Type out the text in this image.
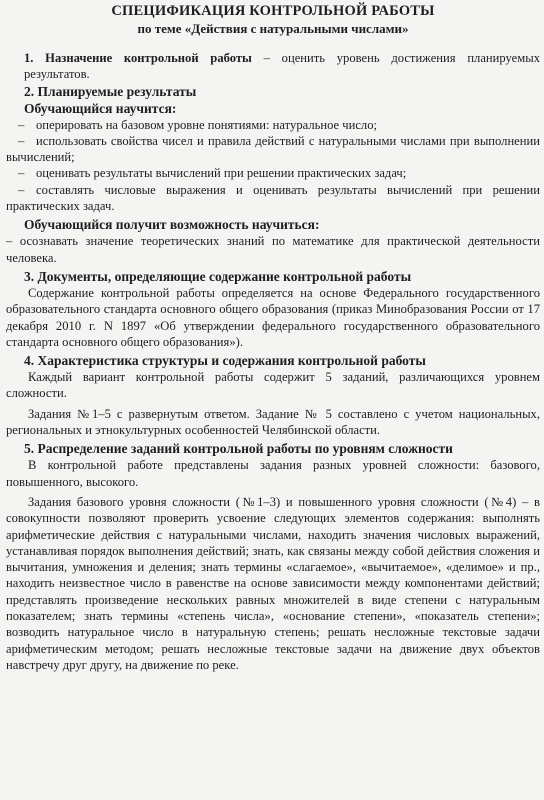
СПЕЦИФИКАЦИЯ КОНТРОЛЬНОЙ РАБОТЫ
по теме «Действия с натуральными числами»

1. Назначение контрольной работы – оценить уровень достижения планируемых результатов.

2. Планируемые результаты
Обучающийся научится:

– оперировать на базовом уровне понятиями: натуральное число;

– использовать свойства чисел и правила действий с натуральными числами при выполнении вычислений;

– оценивать результаты вычислений при решении практических задач;

– составлять числовые выражения и оценивать результаты вычислений при решении практических задач.

Обучающийся получит возможность научиться:

– осознавать значение теоретических знаний по математике для практической деятельности человека.

3. Документы, определяющие содержание контрольной работы

Содержание контрольной работы определяется на основе Федерального государственного образовательного стандарта основного общего образования (приказ Минобразования России от 17 декабря 2010 г. N 1897 «Об утверждении федерального государственного образовательного стандарта основного общего образования»).

4. Характеристика структуры и содержания контрольной работы

Каждый вариант контрольной работы содержит 5 заданий, различающихся уровнем сложности.

Задания №1–5 с развернутым ответом. Задание № 5 составлено с учетом национальных, региональных и этнокультурных особенностей Челябинской области.

5. Распределение заданий контрольной работы по уровням сложности

В контрольной работе представлены задания разных уровней сложности: базового, повышенного, высокого.

Задания базового уровня сложности (№1–3) и повышенного уровня сложности (№4) – в совокупности позволяют проверить усвоение следующих элементов содержания: выполнять арифметические действия с натуральными числами, находить значения числовых выражений, устанавливая порядок выполнения действий; знать, как связаны между собой действия сложения и вычитания, умножения и деления; знать термины «слагаемое», «вычитаемое», «делимое» и пр., находить неизвестное число в равенстве на основе зависимости между компонентами действий; представлять произведение нескольких равных множителей в виде степени с натуральным показателем; знать термины «степень числа», «основание степени», «показатель степени»; возводить натуральное число в натуральную степень; решать несложные текстовые задачи арифметическим методом; решать несложные текстовые задачи на движение двух объектов навстречу друг другу, на движение по реке.
